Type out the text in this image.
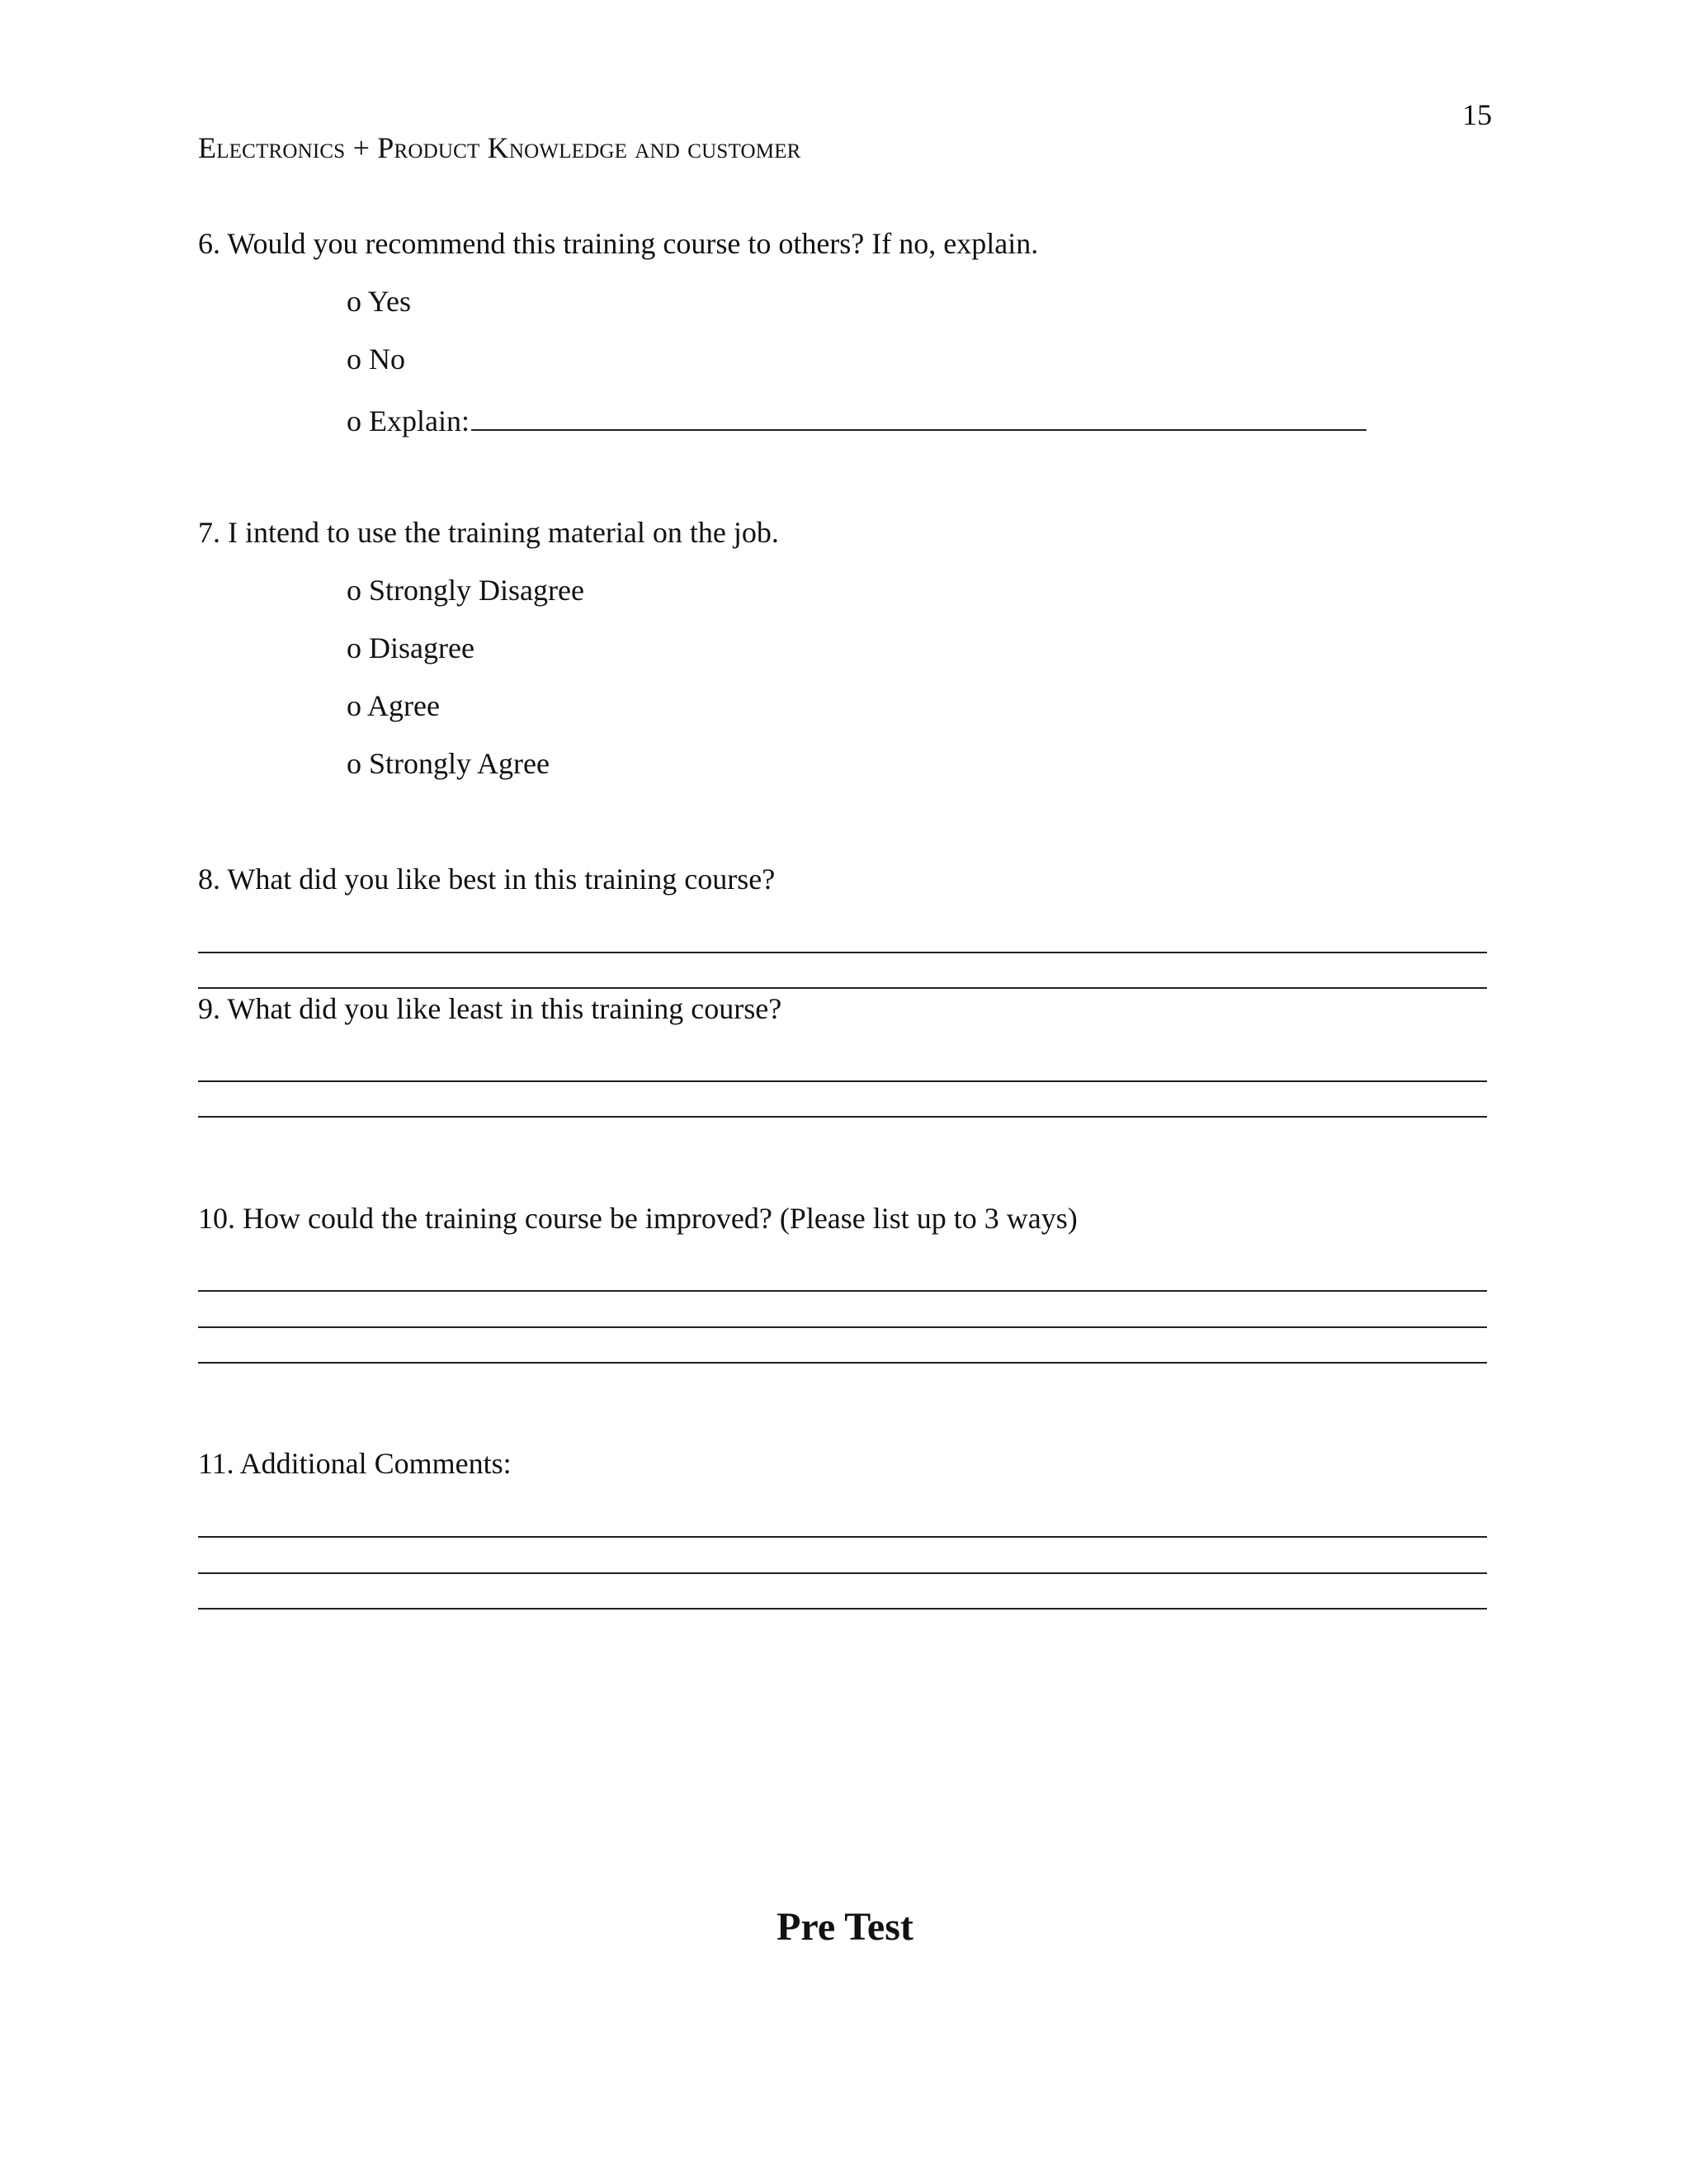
15
Electronics + Product Knowledge and customer
6. Would you recommend this training course to others? If no, explain.
o Yes
o No
o Explain:
7. I intend to use the training material on the job.
o Strongly Disagree
o Disagree
o Agree
o Strongly Agree
8. What did you like best in this training course?
9. What did you like least in this training course?
10. How could the training course be improved? (Please list up to 3 ways)
11. Additional Comments:
Pre Test
